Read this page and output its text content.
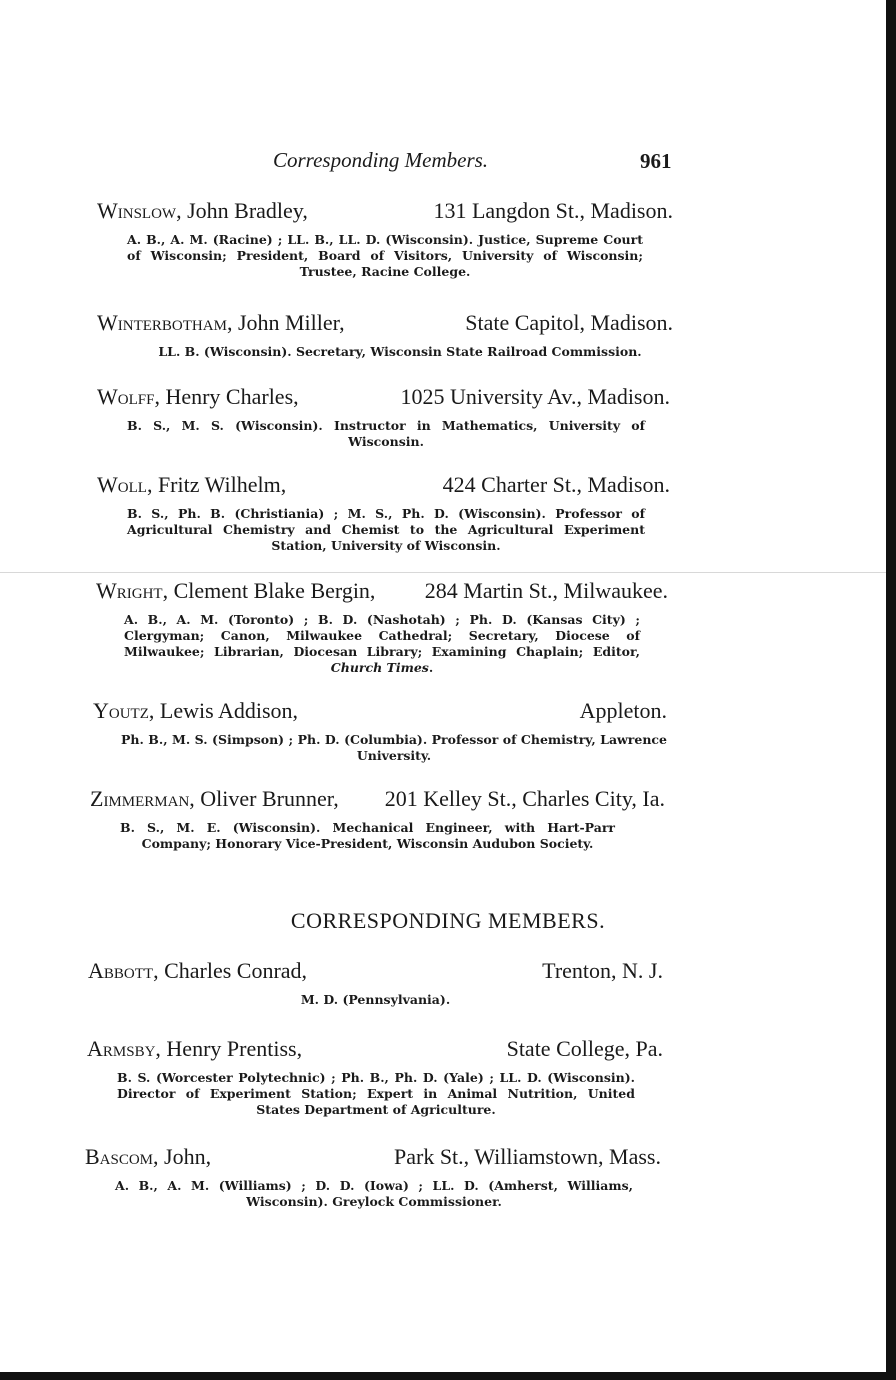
Corresponding Members.	961
Winslow, John Bradley,	131 Langdon St., Madison.
A. B., A. M. (Racine) ; LL. B., LL. D. (Wisconsin). Justice, Supreme Court of Wisconsin; President, Board of Visitors, University of Wisconsin; Trustee, Racine College.
Winterbotham, John Miller,	State Capitol, Madison.
LL. B. (Wisconsin). Secretary, Wisconsin State Railroad Commission.
Wolff, Henry Charles,	1025 University Av., Madison.
B. S., M. S. (Wisconsin). Instructor in Mathematics, University of Wisconsin.
Woll, Fritz Wilhelm,	424 Charter St., Madison.
B. S., Ph. B. (Christiania) ; M. S., Ph. D. (Wisconsin). Professor of Agricultural Chemistry and Chemist to the Agricultural Experiment Station, University of Wisconsin.
Wright, Clement Blake Bergin, 284 Martin St., Milwaukee.
A. B., A. M. (Toronto) ; B. D. (Nashotah) ; Ph. D. (Kansas City) ; Clergyman; Canon, Milwaukee Cathedral; Secretary, Diocese of Milwaukee; Librarian, Diocesan Library; Examining Chaplain; Editor, Church Times.
Youtz, Lewis Addison,	Appleton.
Ph. B., M. S. (Simpson) ; Ph. D. (Columbia). Professor of Chemistry, Lawrence University.
Zimmerman, Oliver Brunner, 201 Kelley St., Charles City, Ia.
B. S., M. E. (Wisconsin). Mechanical Engineer, with Hart-Parr Company; Honorary Vice-President, Wisconsin Audubon Society.
CORRESPONDING MEMBERS.
Abbott, Charles Conrad,	Trenton, N. J.
M. D. (Pennsylvania).
Armsby, Henry Prentiss,	State College, Pa.
B. S. (Worcester Polytechnic) ; Ph. B., Ph. D. (Yale) ; LL. D. (Wisconsin). Director of Experiment Station; Expert in Animal Nutrition, United States Department of Agriculture.
Bascom, John,	Park St., Williamstown, Mass.
A. B., A. M. (Williams) ; D. D. (Iowa) ; LL. D. (Amherst, Williams, Wisconsin). Greylock Commissioner.
